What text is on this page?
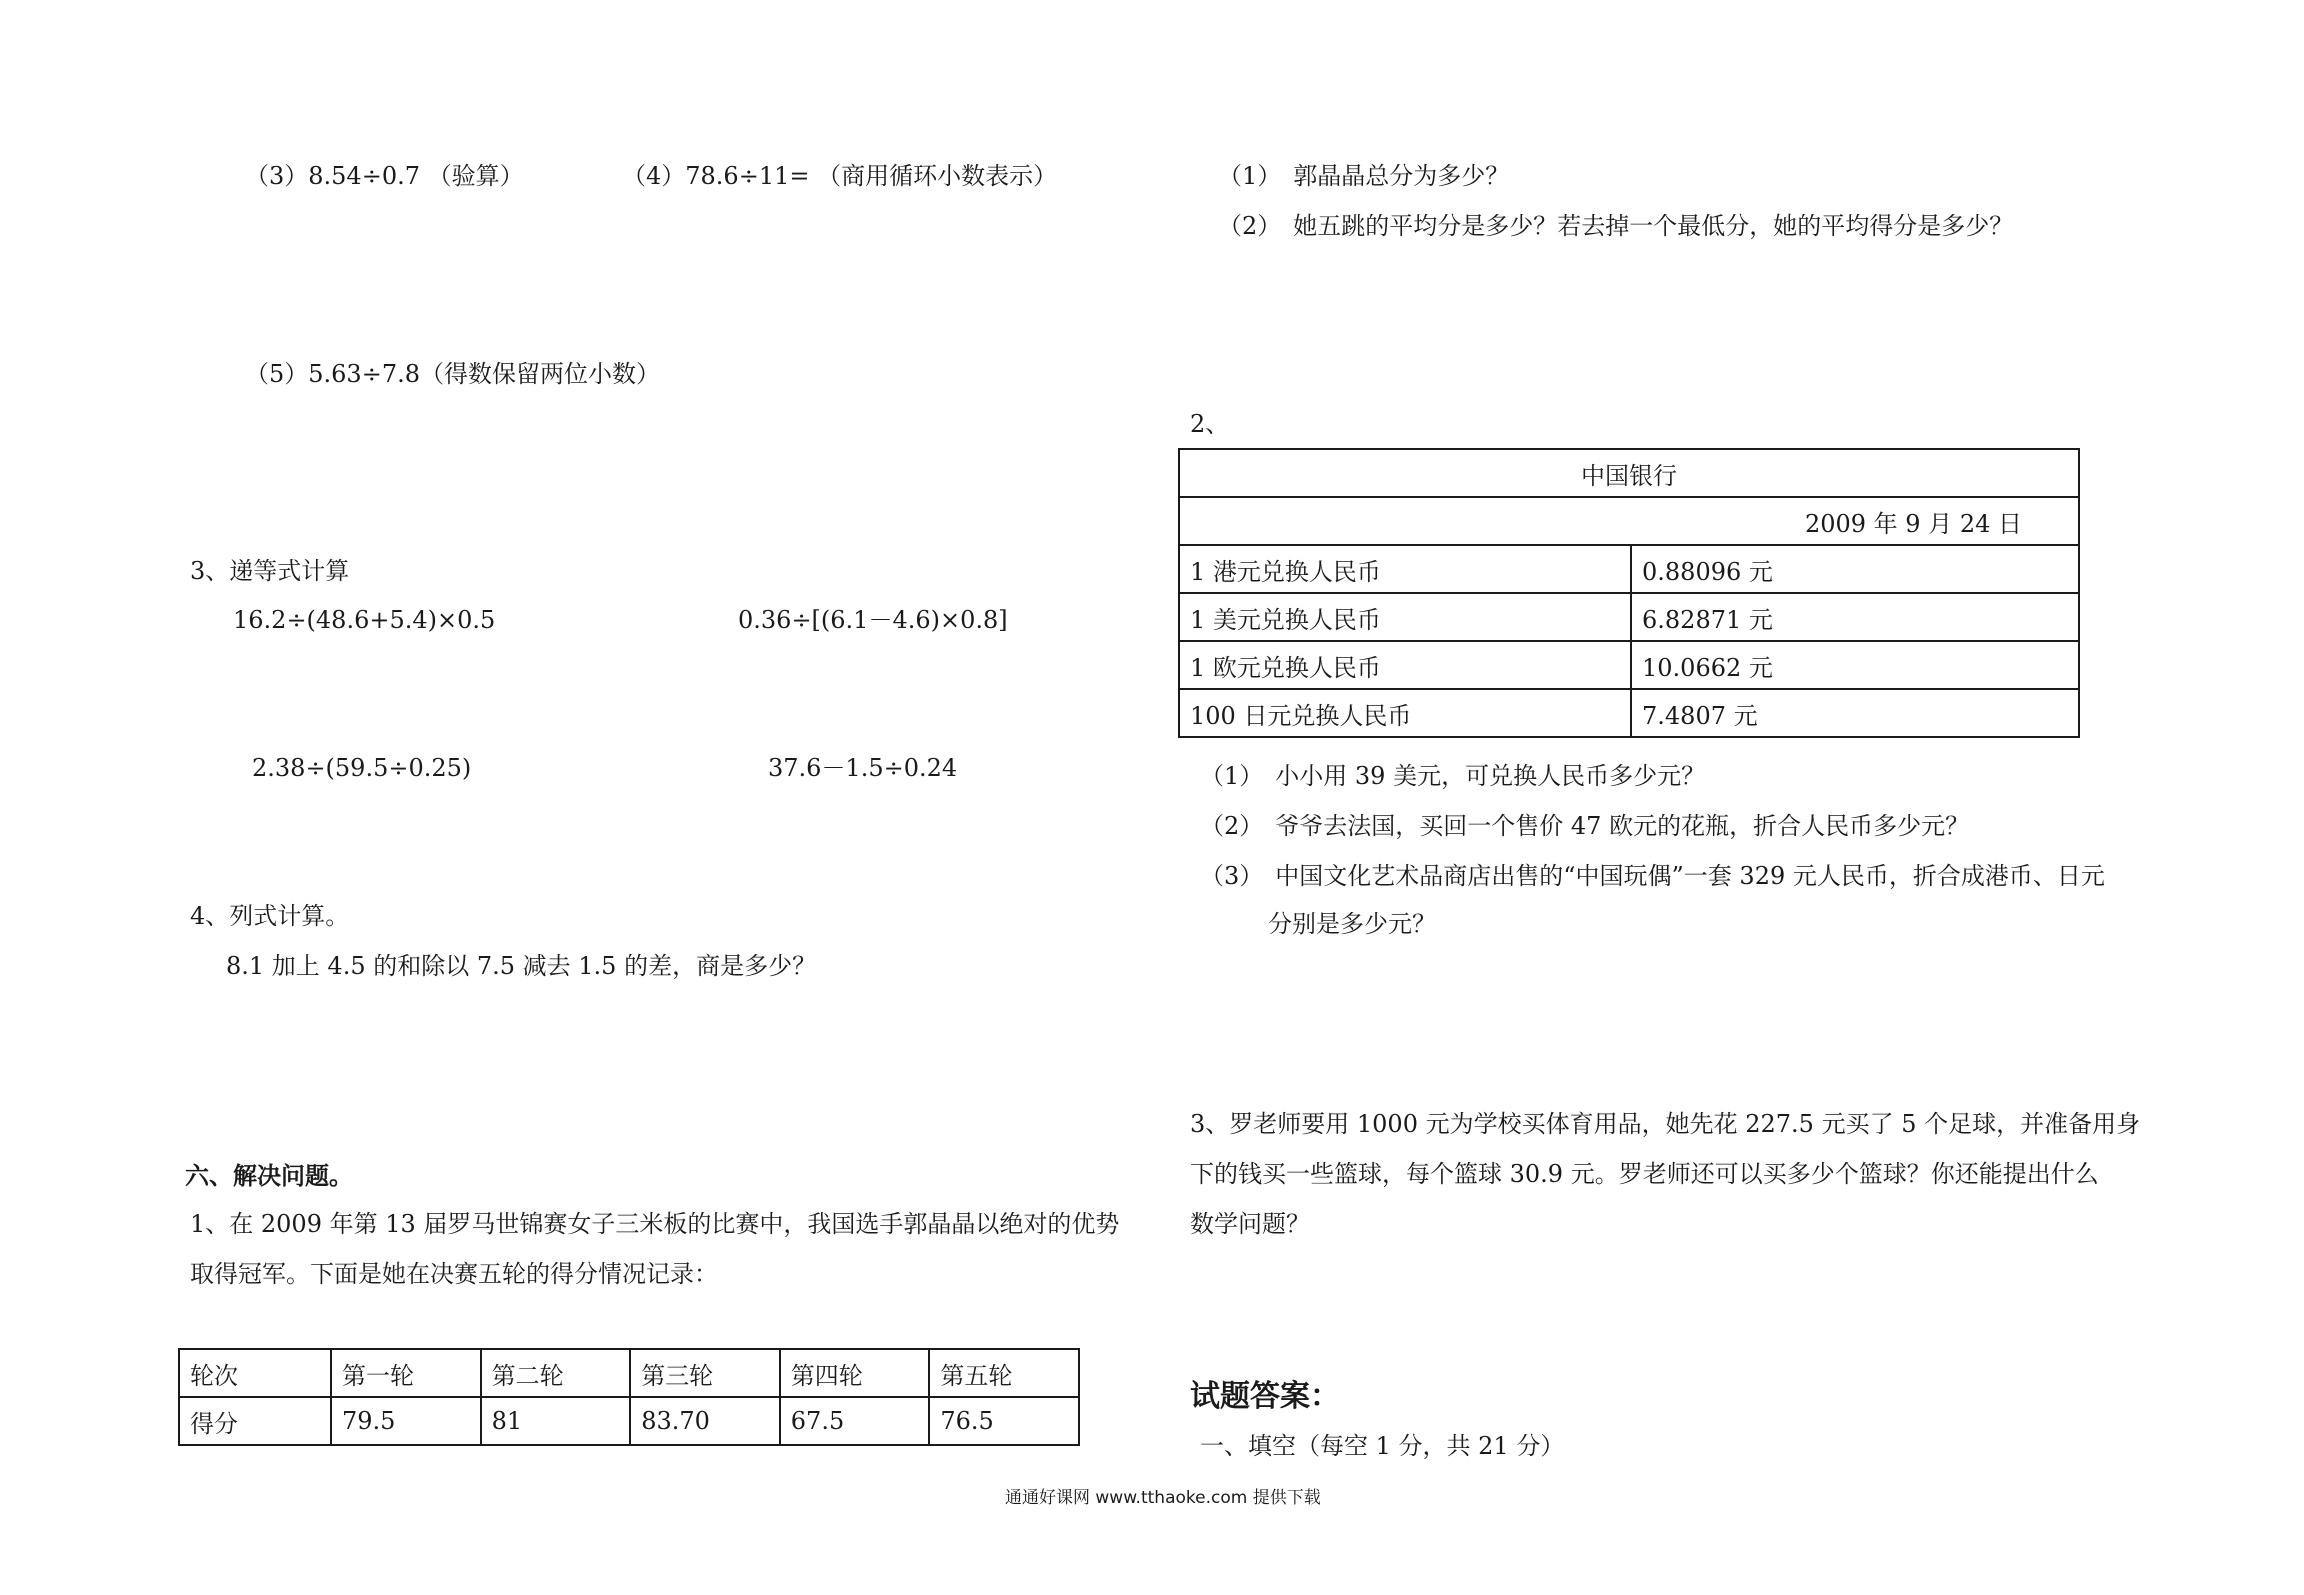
（3）8.54÷0.7 （验算）	（4）78.6÷11= （商用循环小数表示）
（5）5.63÷7.8（得数保留两位小数）
3、递等式计算
16.2÷(48.6+5.4)×0.5	0.36÷[(6.1－4.6)×0.8]
2.38÷(59.5÷0.25)	37.6－1.5÷0.24
4、列式计算。
8.1 加上 4.5 的和除以 7.5 减去 1.5 的差，商是多少？
六、解决问题。
1、在 2009 年第 13 届罗马世锦赛女子三米板的比赛中，我国选手郭晶晶以绝对的优势
取得冠军。下面是她在决赛五轮的得分情况记录：
轮次	第一轮	第二轮	第三轮	第四轮	第五轮
得分	79.5	81	83.70	67.5	76.5
（1）　郭晶晶总分为多少？
（2）　她五跳的平均分是多少？若去掉一个最低分，她的平均得分是多少？
2、
中国银行	
2009 年 9 月 24 日	
1 港元兑换人民币	0.88096 元
1 美元兑换人民币	6.82871 元
1 欧元兑换人民币	10.0662 元
100 日元兑换人民币	7.4807 元
（1）　小小用 39 美元，可兑换人民币多少元？
（2）　爷爷去法国，买回一个售价 47 欧元的花瓶，折合人民币多少元？
（3）　中国文化艺术品商店出售的“中国玩偶”一套 329 元人民币，折合成港币、日元
分别是多少元？
3、罗老师要用 1000 元为学校买体育用品，她先花 227.5 元买了 5 个足球，并准备用身
下的钱买一些篮球，每个篮球 30.9 元。罗老师还可以买多少个篮球？你还能提出什么
数学问题？
试题答案：
一、填空（每空 1 分，共 21 分）
通通好课网 www.tthaoke.com 提供下载
